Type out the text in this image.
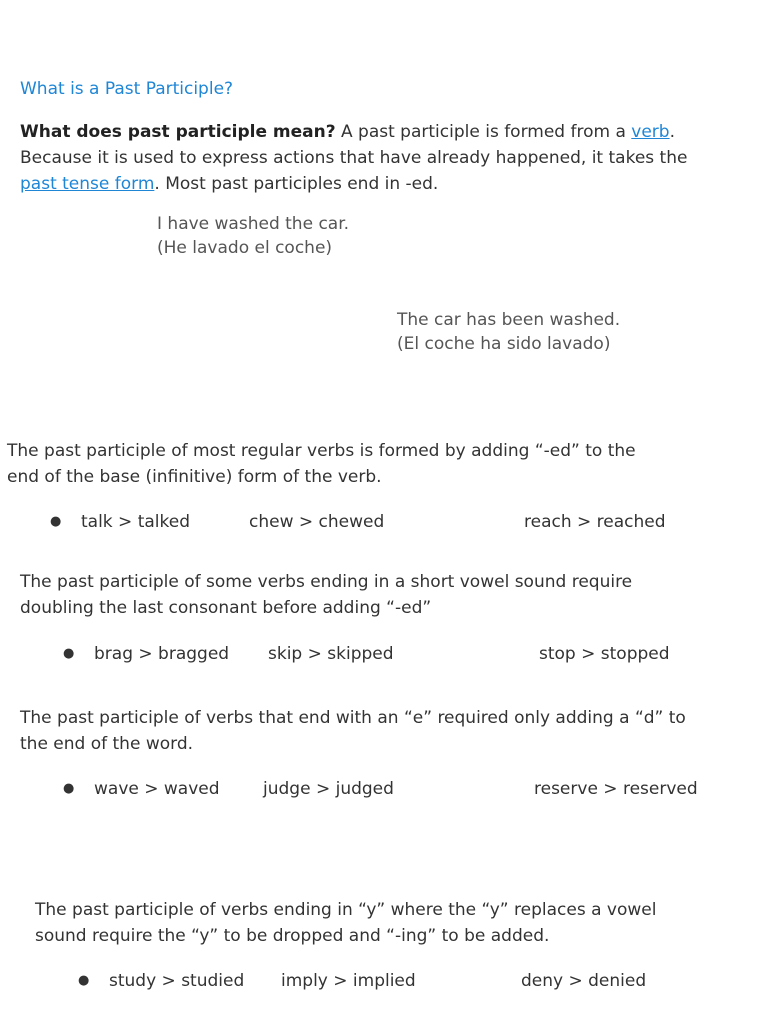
What is a Past Participle?
What does past participle mean? A past participle is formed from a verb.
Because it is used to express actions that have already happened, it takes the
past tense form. Most past participles end in -ed.
I have washed the car.
(He lavado el coche)
The car has been washed.
(El coche ha sido lavado)
The past participle of most regular verbs is formed by adding “-ed” to the
end of the base (infinitive) form of the verb.
● talk > talked	chew > chewed	reach > reached
The past participle of some verbs ending in a short vowel sound require
doubling the last consonant before adding “-ed”
● brag > bragged skip > skipped	stop > stopped
The past participle of verbs that end with an “e” required only adding a “d” to
the end of the word.
● wave > waved	judge > judged	reserve > reserved
The past participle of verbs ending in “y” where the “y” replaces a vowel
sound require the “y” to be dropped and “-ing” to be added.
● study > studied imply > implied	deny > denied
